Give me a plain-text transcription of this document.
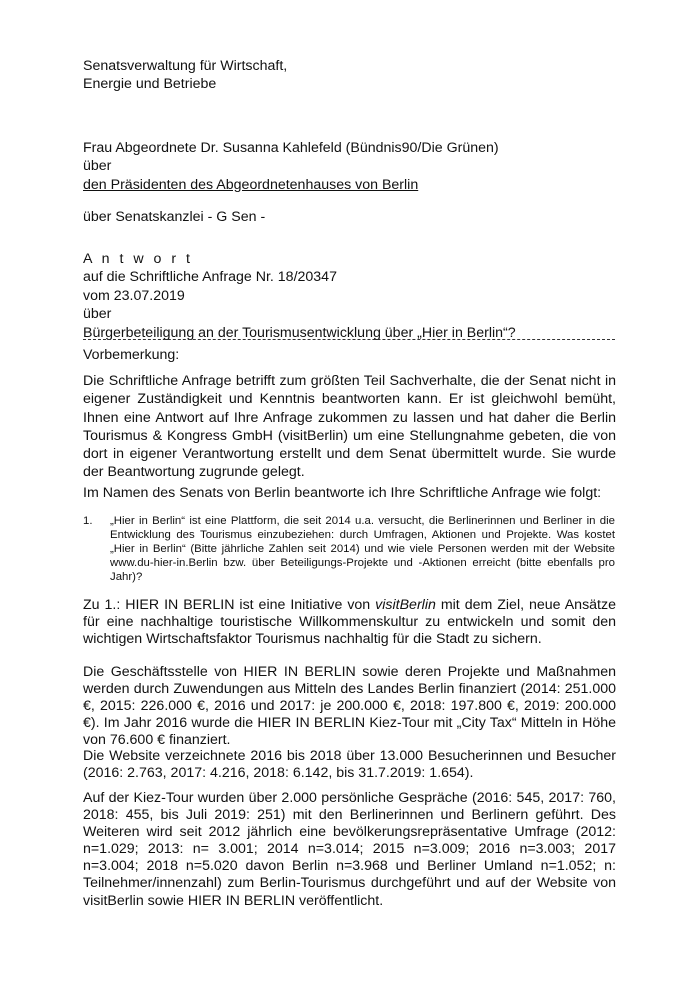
Senatsverwaltung für Wirtschaft,
Energie und Betriebe
Frau Abgeordnete Dr. Susanna Kahlefeld (Bündnis90/Die Grünen)
über
den Präsidenten des Abgeordnetenhauses von Berlin
über Senatskanzlei - G Sen -
A n t w o r t
auf die Schriftliche Anfrage Nr. 18/20347
vom 23.07.2019
über
Bürgerbeteiligung an der Tourismusentwicklung über „Hier in Berlin“?
Vorbemerkung:

Die Schriftliche Anfrage betrifft zum größten Teil Sachverhalte, die der Senat nicht in eigener Zuständigkeit und Kenntnis beantworten kann. Er ist gleichwohl bemüht, Ihnen eine Antwort auf Ihre Anfrage zukommen zu lassen und hat daher die Berlin Tourismus & Kongress GmbH (visitBerlin) um eine Stellungnahme gebeten, die von dort in eigener Verantwortung erstellt und dem Senat übermittelt wurde. Sie wurde der Beantwortung zugrunde gelegt.

Im Namen des Senats von Berlin beantworte ich Ihre Schriftliche Anfrage wie folgt:

1. „Hier in Berlin“ ist eine Plattform, die seit 2014 u.a. versucht, die Berlinerinnen und Berliner in die Entwicklung des Tourismus einzubeziehen: durch Umfragen, Aktionen und Projekte. Was kostet „Hier in Berlin“ (Bitte jährliche Zahlen seit 2014) und wie viele Personen werden mit der Website www.du-hier-in.Berlin bzw. über Beteiligungs-Projekte und -Aktionen erreicht (bitte ebenfalls pro Jahr)?

Zu 1.: HIER IN BERLIN ist eine Initiative von visitBerlin mit dem Ziel, neue Ansätze für eine nachhaltige touristische Willkommenskultur zu entwickeln und somit den wichtigen Wirtschaftsfaktor Tourismus nachhaltig für die Stadt zu sichern.

Die Geschäftsstelle von HIER IN BERLIN sowie deren Projekte und Maßnahmen werden durch Zuwendungen aus Mitteln des Landes Berlin finanziert (2014: 251.000 €, 2015: 226.000 €, 2016 und 2017: je 200.000 €, 2018: 197.800 €, 2019: 200.000 €). Im Jahr 2016 wurde die HIER IN BERLIN Kiez-Tour mit „City Tax“ Mitteln in Höhe von 76.600 € finanziert.

Die Website verzeichnete 2016 bis 2018 über 13.000 Besucherinnen und Besucher (2016: 2.763, 2017: 4.216, 2018: 6.142, bis 31.7.2019: 1.654).

Auf der Kiez-Tour wurden über 2.000 persönliche Gespräche (2016: 545, 2017: 760, 2018: 455, bis Juli 2019: 251) mit den Berlinerinnen und Berlinern geführt. Des Weiteren wird seit 2012 jährlich eine bevölkerungsrepräsentative Umfrage (2012: n=1.029; 2013: n= 3.001; 2014 n=3.014; 2015 n=3.009; 2016 n=3.003; 2017 n=3.004; 2018 n=5.020 davon Berlin n=3.968 und Berliner Umland n=1.052; n: Teilnehmer/innenzahl) zum Berlin-Tourismus durchgeführt und auf der Website von visitBerlin sowie HIER IN BERLIN veröffentlicht.
